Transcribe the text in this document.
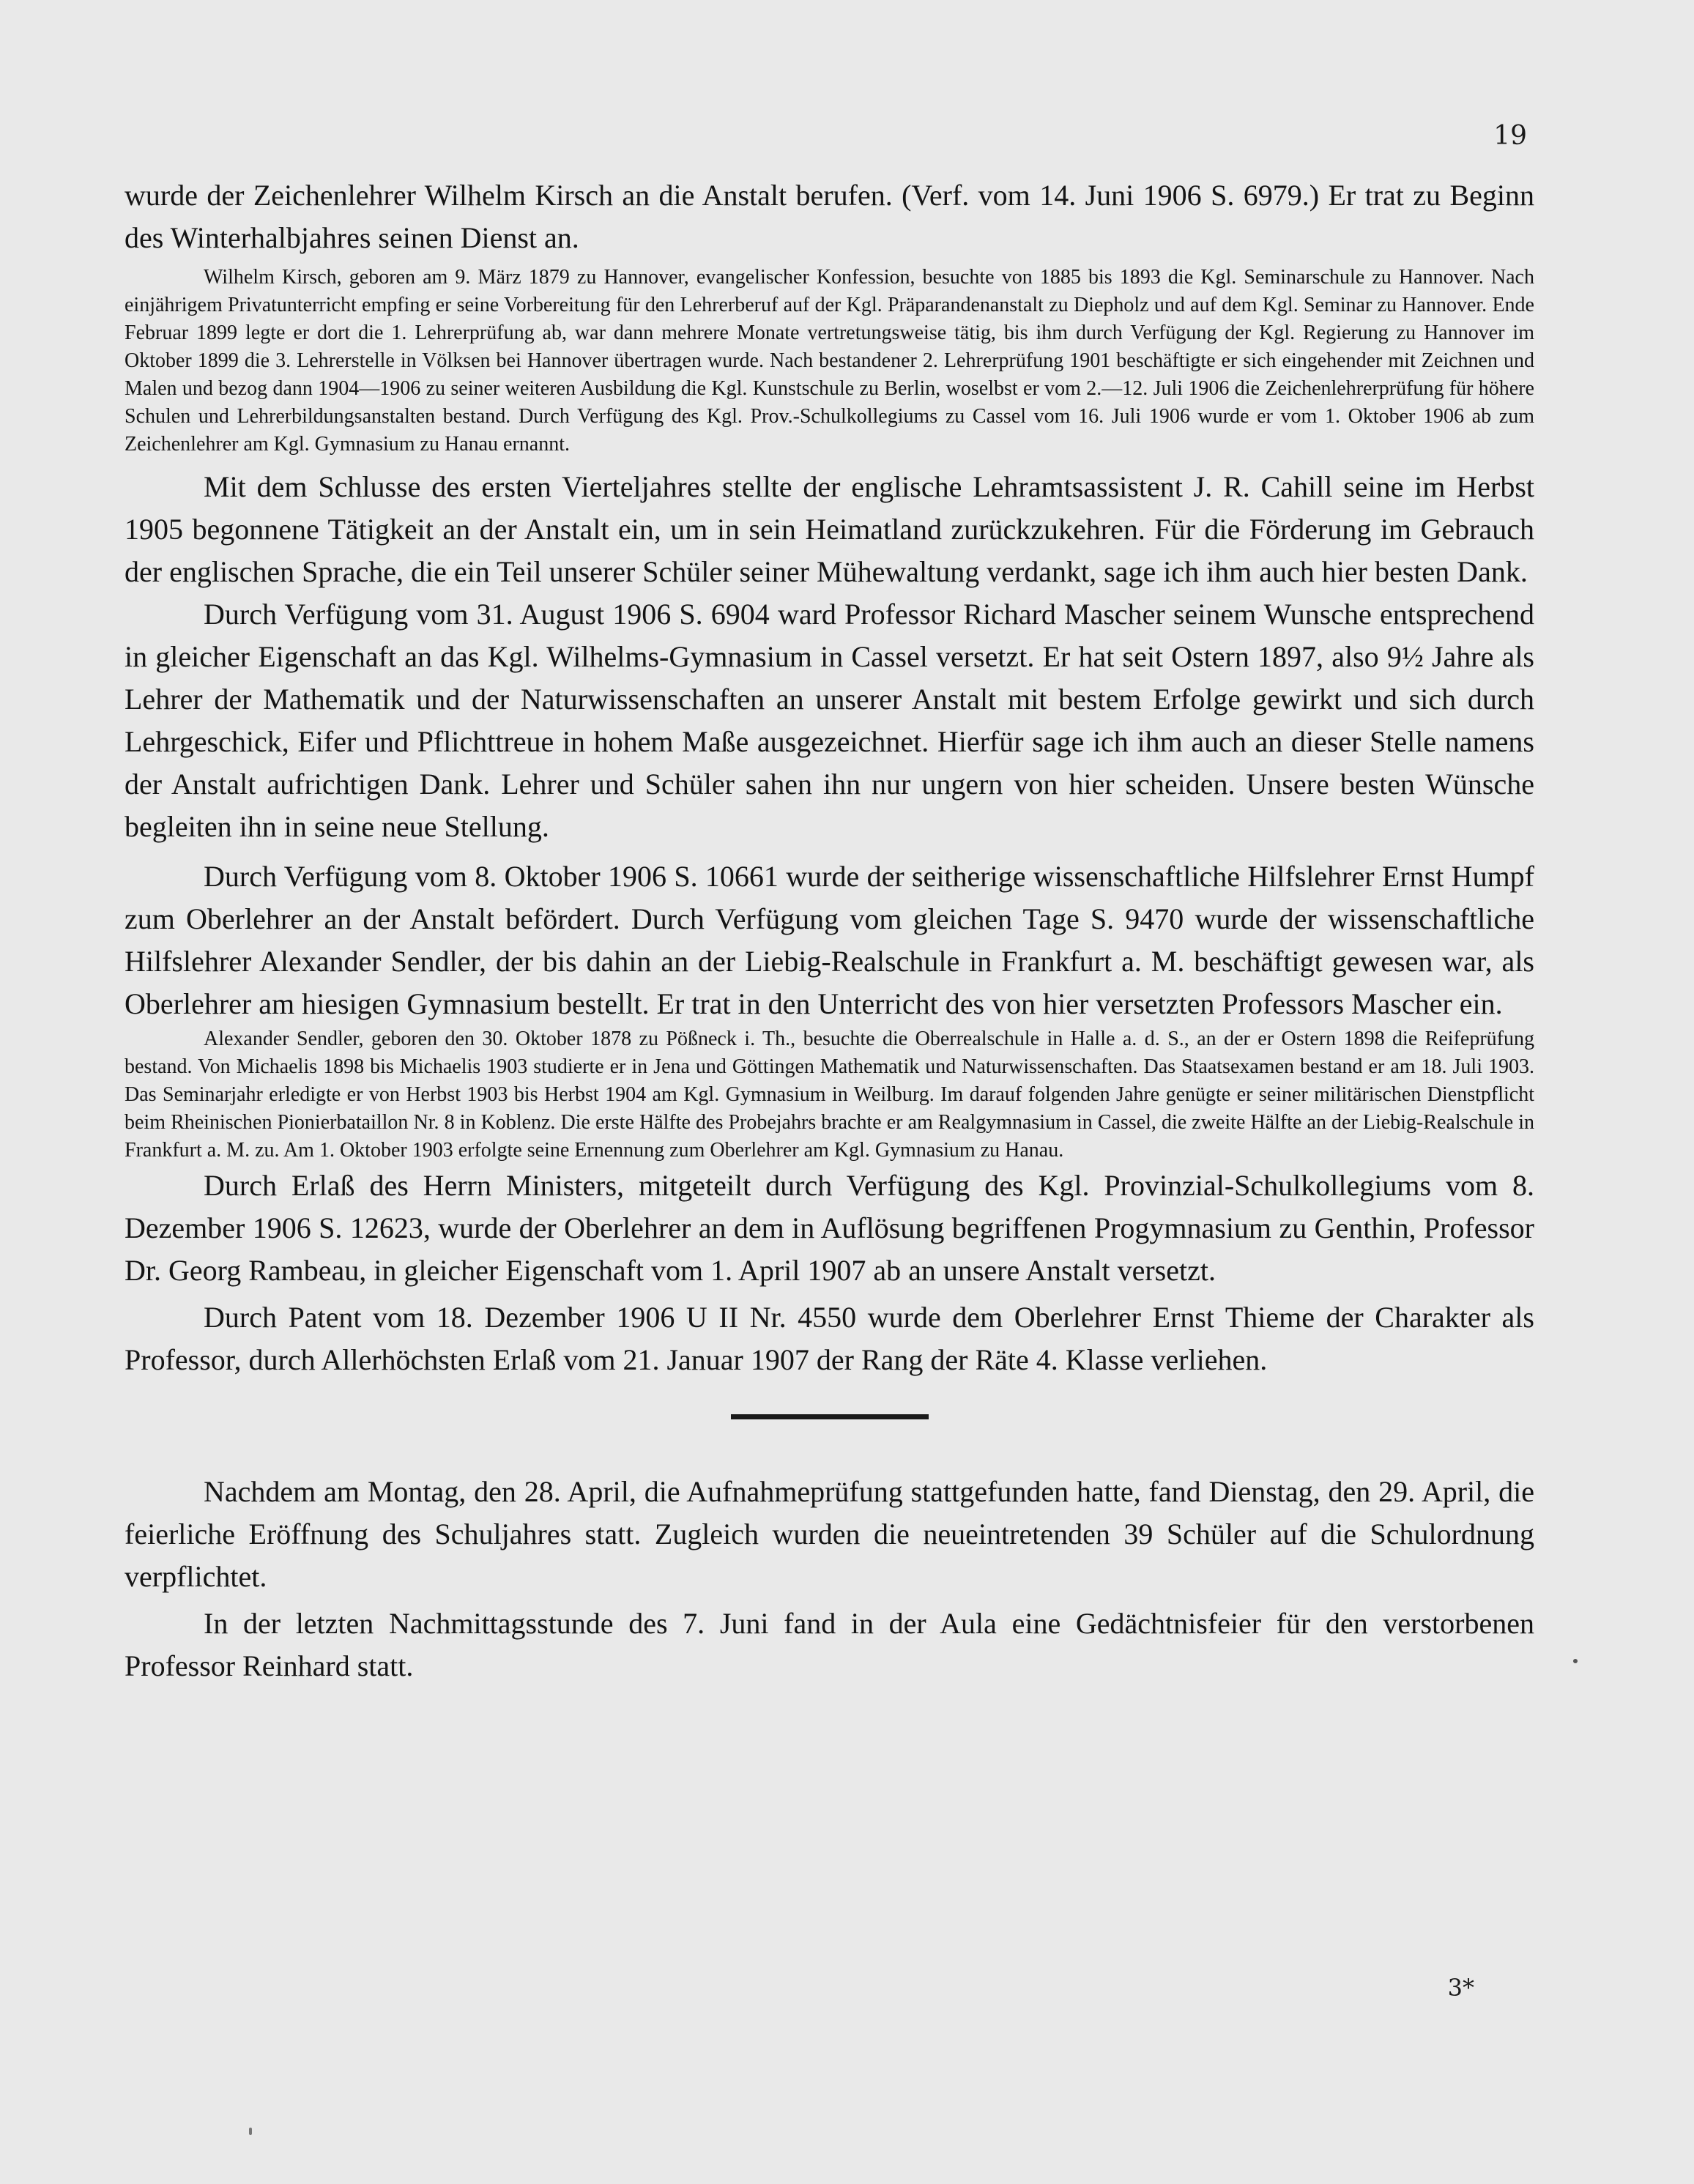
19

wurde der Zeichenlehrer Wilhelm Kirsch an die Anstalt berufen. (Verf. vom 14. Juni 1906 S. 6979.) Er trat zu Beginn des Winterhalbjahres seinen Dienst an.

Wilhelm Kirsch, geboren am 9. März 1879 zu Hannover, evangelischer Konfession, besuchte von 1885 bis 1893 die Kgl. Seminarschule zu Hannover. Nach einjährigem Privatunterricht empfing er seine Vorbereitung für den Lehrerberuf auf der Kgl. Präparandenanstalt zu Diepholz und auf dem Kgl. Seminar zu Hannover. Ende Februar 1899 legte er dort die 1. Lehrerprüfung ab, war dann mehrere Monate vertretungsweise tätig, bis ihm durch Verfügung der Kgl. Regierung zu Hannover im Oktober 1899 die 3. Lehrerstelle in Völksen bei Hannover übertragen wurde. Nach bestandener 2. Lehrerprüfung 1901 beschäftigte er sich eingehender mit Zeichnen und Malen und bezog dann 1904—1906 zu seiner weiteren Ausbildung die Kgl. Kunstschule zu Berlin, woselbst er vom 2.—12. Juli 1906 die Zeichenlehrerprüfung für höhere Schulen und Lehrerbildungsanstalten bestand. Durch Verfügung des Kgl. Prov.-Schulkollegiums zu Cassel vom 16. Juli 1906 wurde er vom 1. Oktober 1906 ab zum Zeichenlehrer am Kgl. Gymnasium zu Hanau ernannt.

Mit dem Schlusse des ersten Vierteljahres stellte der englische Lehramtsassistent J. R. Cahill seine im Herbst 1905 begonnene Tätigkeit an der Anstalt ein, um in sein Heimatland zurückzukehren. Für die Förderung im Gebrauch der englischen Sprache, die ein Teil unserer Schüler seiner Mühewaltung verdankt, sage ich ihm auch hier besten Dank.

Durch Verfügung vom 31. August 1906 S. 6904 ward Professor Richard Mascher seinem Wunsche entsprechend in gleicher Eigenschaft an das Kgl. Wilhelms-Gymnasium in Cassel versetzt. Er hat seit Ostern 1897, also 9½ Jahre als Lehrer der Mathematik und der Naturwissenschaften an unserer Anstalt mit bestem Erfolge gewirkt und sich durch Lehrgeschick, Eifer und Pflichttreue in hohem Maße ausgezeichnet. Hierfür sage ich ihm auch an dieser Stelle namens der Anstalt aufrichtigen Dank. Lehrer und Schüler sahen ihn nur ungern von hier scheiden. Unsere besten Wünsche begleiten ihn in seine neue Stellung.

Durch Verfügung vom 8. Oktober 1906 S. 10661 wurde der seitherige wissenschaftliche Hilfslehrer Ernst Humpf zum Oberlehrer an der Anstalt befördert. Durch Verfügung vom gleichen Tage S. 9470 wurde der wissenschaftliche Hilfslehrer Alexander Sendler, der bis dahin an der Liebig-Realschule in Frankfurt a. M. beschäftigt gewesen war, als Oberlehrer am hiesigen Gymnasium bestellt. Er trat in den Unterricht des von hier versetzten Professors Mascher ein.

Alexander Sendler, geboren den 30. Oktober 1878 zu Pößneck i. Th., besuchte die Oberrealschule in Halle a. d. S., an der er Ostern 1898 die Reifeprüfung bestand. Von Michaelis 1898 bis Michaelis 1903 studierte er in Jena und Göttingen Mathematik und Naturwissenschaften. Das Staatsexamen bestand er am 18. Juli 1903. Das Seminarjahr erledigte er von Herbst 1903 bis Herbst 1904 am Kgl. Gymnasium in Weilburg. Im darauf folgenden Jahre genügte er seiner militärischen Dienstpflicht beim Rheinischen Pionierbataillon Nr. 8 in Koblenz. Die erste Hälfte des Probejahrs brachte er am Realgymnasium in Cassel, die zweite Hälfte an der Liebig-Realschule in Frankfurt a. M. zu. Am 1. Oktober 1903 erfolgte seine Ernennung zum Oberlehrer am Kgl. Gymnasium zu Hanau.

Durch Erlaß des Herrn Ministers, mitgeteilt durch Verfügung des Kgl. Provinzial-Schulkollegiums vom 8. Dezember 1906 S. 12623, wurde der Oberlehrer an dem in Auflösung begriffenen Progymnasium zu Genthin, Professor Dr. Georg Rambeau, in gleicher Eigenschaft vom 1. April 1907 ab an unsere Anstalt versetzt.

Durch Patent vom 18. Dezember 1906 U II Nr. 4550 wurde dem Oberlehrer Ernst Thieme der Charakter als Professor, durch Allerhöchsten Erlaß vom 21. Januar 1907 der Rang der Räte 4. Klasse verliehen.

Nachdem am Montag, den 28. April, die Aufnahmeprüfung stattgefunden hatte, fand Dienstag, den 29. April, die feierliche Eröffnung des Schuljahres statt. Zugleich wurden die neueintretenden 39 Schüler auf die Schulordnung verpflichtet.

In der letzten Nachmittagsstunde des 7. Juni fand in der Aula eine Gedächtnisfeier für den verstorbenen Professor Reinhard statt.

3*
